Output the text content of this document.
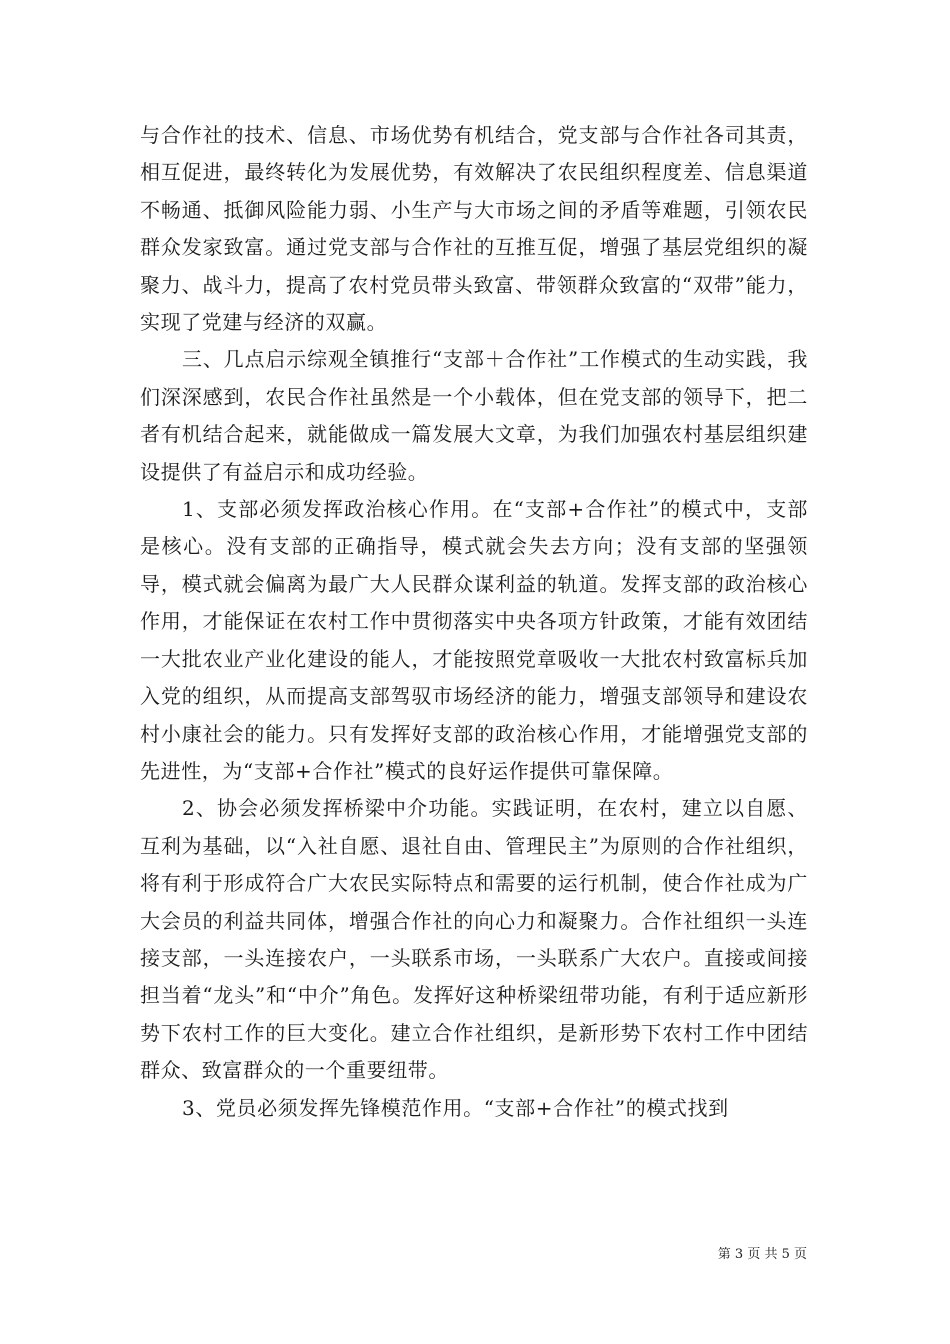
与合作社的技术、信息、市场优势有机结合，党支部与合作社各司其责，相互促进，最终转化为发展优势，有效解决了农民组织程度差、信息渠道不畅通、抵御风险能力弱、小生产与大市场之间的矛盾等难题，引领农民群众发家致富。通过党支部与合作社的互推互促，增强了基层党组织的凝聚力、战斗力，提高了农村党员带头致富、带领群众致富的“双带”能力，实现了党建与经济的双赢。

三、几点启示综观全镇推行“支部＋合作社”工作模式的生动实践，我们深深感到，农民合作社虽然是一个小载体，但在党支部的领导下，把二者有机结合起来，就能做成一篇发展大文章，为我们加强农村基层组织建设提供了有益启示和成功经验。

1、支部必须发挥政治核心作用。在“支部+合作社”的模式中，支部是核心。没有支部的正确指导，模式就会失去方向；没有支部的坚强领导，模式就会偏离为最广大人民群众谋利益的轨道。发挥支部的政治核心作用，才能保证在农村工作中贯彻落实中央各项方针政策，才能有效团结一大批农业产业化建设的能人，才能按照党章吸收一大批农村致富标兵加入党的组织，从而提高支部驾驭市场经济的能力，增强支部领导和建设农村小康社会的能力。只有发挥好支部的政治核心作用，才能增强党支部的先进性，为“支部+合作社”模式的良好运作提供可靠保障。

2、协会必须发挥桥梁中介功能。实践证明，在农村，建立以自愿、互利为基础，以“入社自愿、退社自由、管理民主”为原则的合作社组织，将有利于形成符合广大农民实际特点和需要的运行机制，使合作社成为广大会员的利益共同体，增强合作社的向心力和凝聚力。合作社组织一头连接支部，一头连接农户，一头联系市场，一头联系广大农户。直接或间接担当着“龙头”和“中介”角色。发挥好这种桥梁纽带功能，有利于适应新形势下农村工作的巨大变化。建立合作社组织，是新形势下农村工作中团结群众、致富群众的一个重要纽带。

3、党员必须发挥先锋模范作用。“支部+合作社”的模式找到

第 3 页 共 5 页
